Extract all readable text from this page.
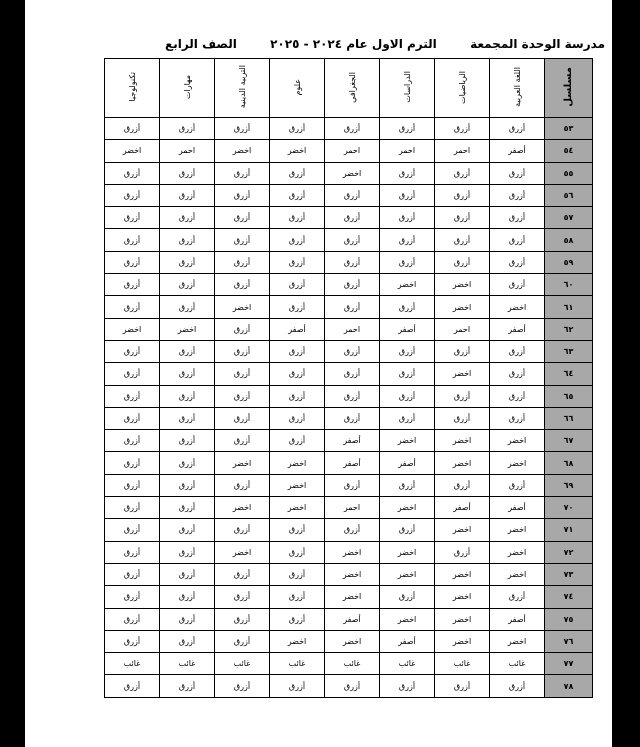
مدرسة الوحدة المجمعة
الترم الاول عام ٢٠٢٤ - ٢٠٢٥
الصف الرابع
مسلسل	اللغة العربية	الرياضيات	الدراسات	الجغرافي	علوم	التربية الدينية	مهارات	تكنولوجيا
٥٣	أزرق	أزرق	أزرق	أزرق	أزرق	أزرق	أزرق	أزرق
٥٤	أصفر	احمر	احمر	احمر	اخضر	اخضر	احمر	اخضر
٥٥	أزرق	أزرق	أزرق	اخضر	أزرق	أزرق	أزرق	أزرق
٥٦	أزرق	أزرق	أزرق	أزرق	أزرق	أزرق	أزرق	أزرق
٥٧	أزرق	أزرق	أزرق	أزرق	أزرق	أزرق	أزرق	أزرق
٥٨	أزرق	أزرق	أزرق	أزرق	أزرق	أزرق	أزرق	أزرق
٥٩	أزرق	أزرق	أزرق	أزرق	أزرق	أزرق	أزرق	أزرق
٦٠	أزرق	اخضر	اخضر	أزرق	أزرق	أزرق	أزرق	أزرق
٦١	اخضر	اخضر	أزرق	أزرق	أزرق	اخضر	أزرق	أزرق
٦٢	أصفر	احمر	أصفر	احمر	أصفر	أزرق	اخضر	اخضر
٦٣	أزرق	أزرق	أزرق	أزرق	أزرق	أزرق	أزرق	أزرق
٦٤	أزرق	اخضر	أزرق	أزرق	أزرق	أزرق	أزرق	أزرق
٦٥	أزرق	أزرق	أزرق	أزرق	أزرق	أزرق	أزرق	أزرق
٦٦	أزرق	أزرق	أزرق	أزرق	أزرق	أزرق	أزرق	أزرق
٦٧	اخضر	اخضر	اخضر	أصفر	أزرق	أزرق	أزرق	أزرق
٦٨	اخضر	اخضر	أصفر	أصفر	اخضر	اخضر	أزرق	أزرق
٦٩	أزرق	أزرق	أزرق	أزرق	اخضر	أزرق	أزرق	أزرق
٧٠	أصفر	أصفر	اخضر	احمر	اخضر	اخضر	أزرق	أزرق
٧١	اخضر	اخضر	أزرق	أزرق	أزرق	أزرق	أزرق	أزرق
٧٢	اخضر	أزرق	اخضر	اخضر	أزرق	اخضر	أزرق	أزرق
٧٣	اخضر	اخضر	اخضر	اخضر	أزرق	أزرق	أزرق	أزرق
٧٤	أزرق	اخضر	أزرق	اخضر	أزرق	أزرق	أزرق	أزرق
٧٥	أصفر	اخضر	اخضر	أصفر	أزرق	أزرق	أزرق	أزرق
٧٦	اخضر	اخضر	أصفر	اخضر	اخضر	أزرق	أزرق	أزرق
٧٧	غائب	غائب	غائب	غائب	غائب	غائب	غائب	غائب
٧٨	أزرق	أزرق	أزرق	أزرق	أزرق	أزرق	أزرق	أزرق
